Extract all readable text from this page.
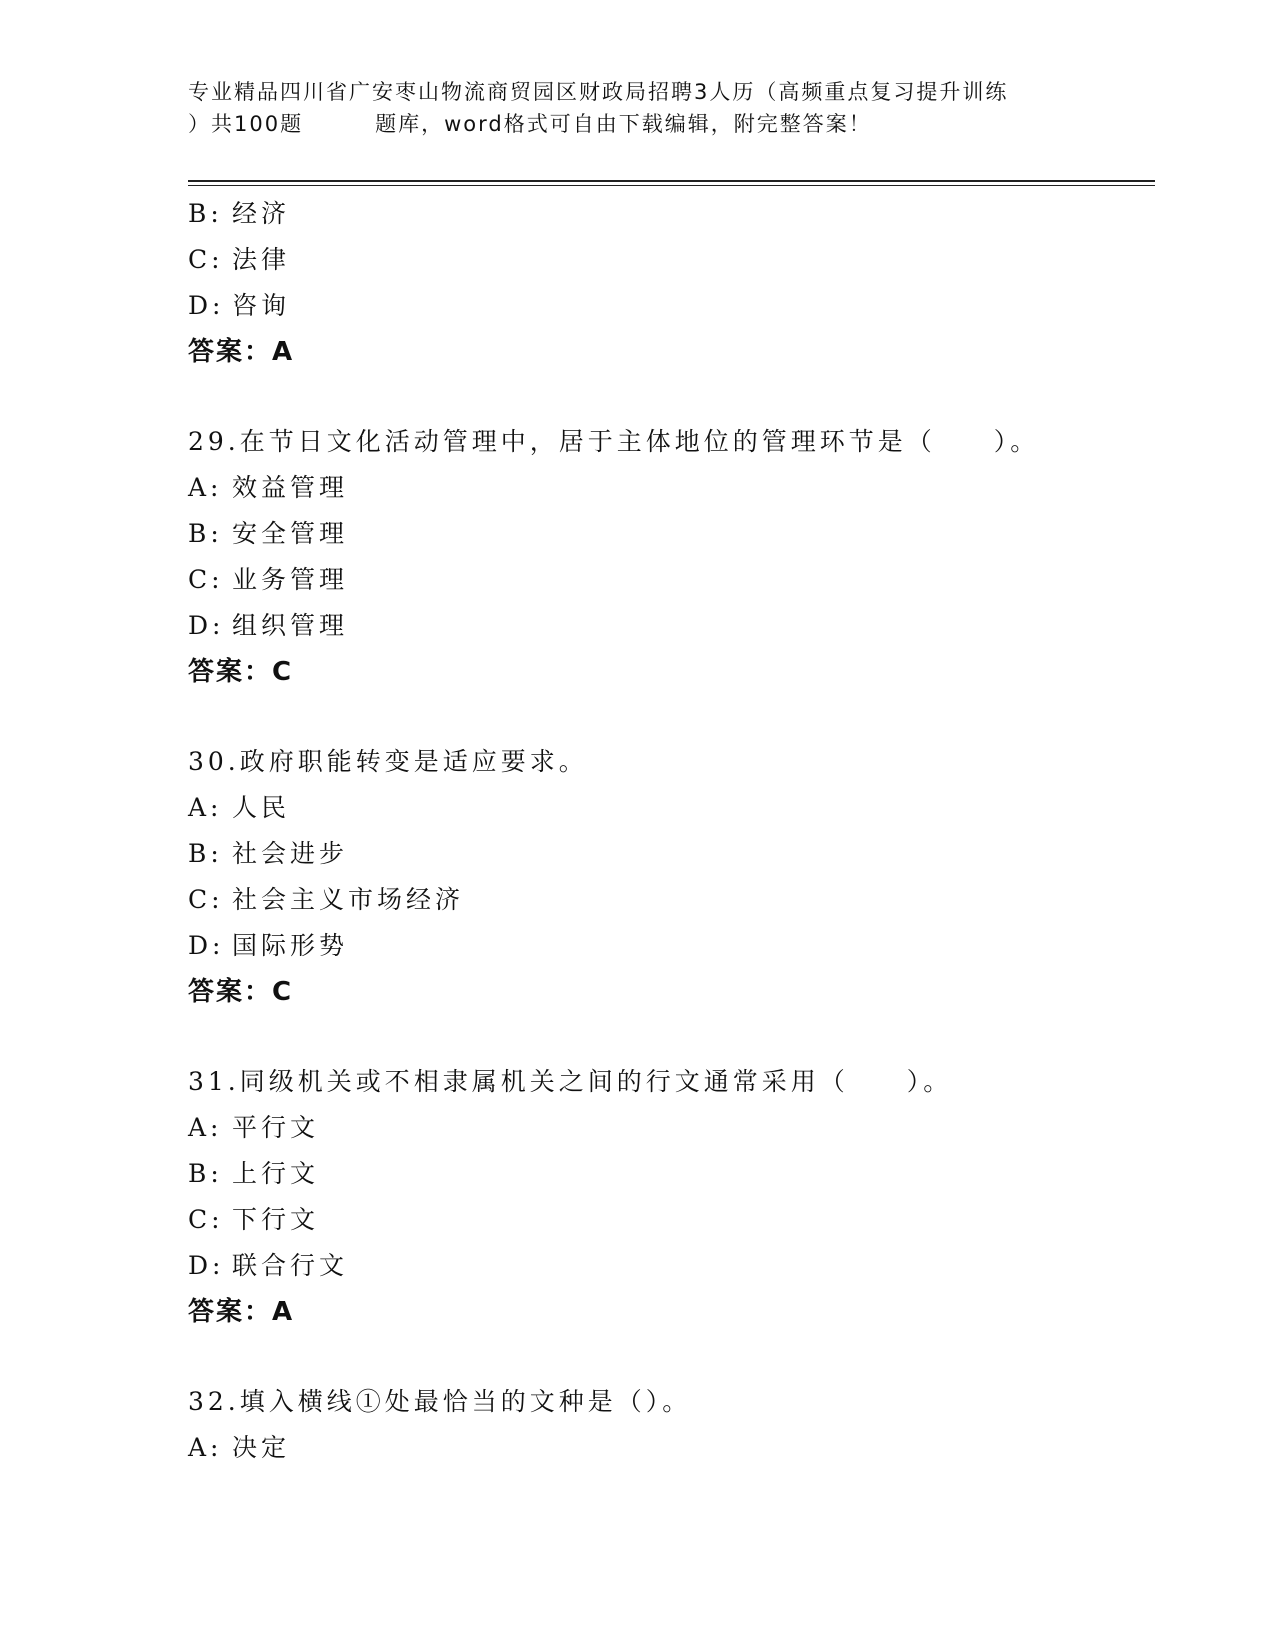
专业精品四川省广安枣山物流商贸园区财政局招聘3人历（高频重点复习提升训练
）共100题	题库，word格式可自由下载编辑，附完整答案！
B: 经济
C: 法律
D: 咨询
答案：A
29.在节日文化活动管理中，居于主体地位的管理环节是（　　）。
A: 效益管理
B: 安全管理
C: 业务管理
D: 组织管理
答案：C
30.政府职能转变是适应要求。
A: 人民
B: 社会进步
C: 社会主义市场经济
D: 国际形势
答案：C
31.同级机关或不相隶属机关之间的行文通常采用（　　）。
A: 平行文
B: 上行文
C: 下行文
D: 联合行文
答案：A
32.填入横线①处最恰当的文种是（）。
A: 决定
